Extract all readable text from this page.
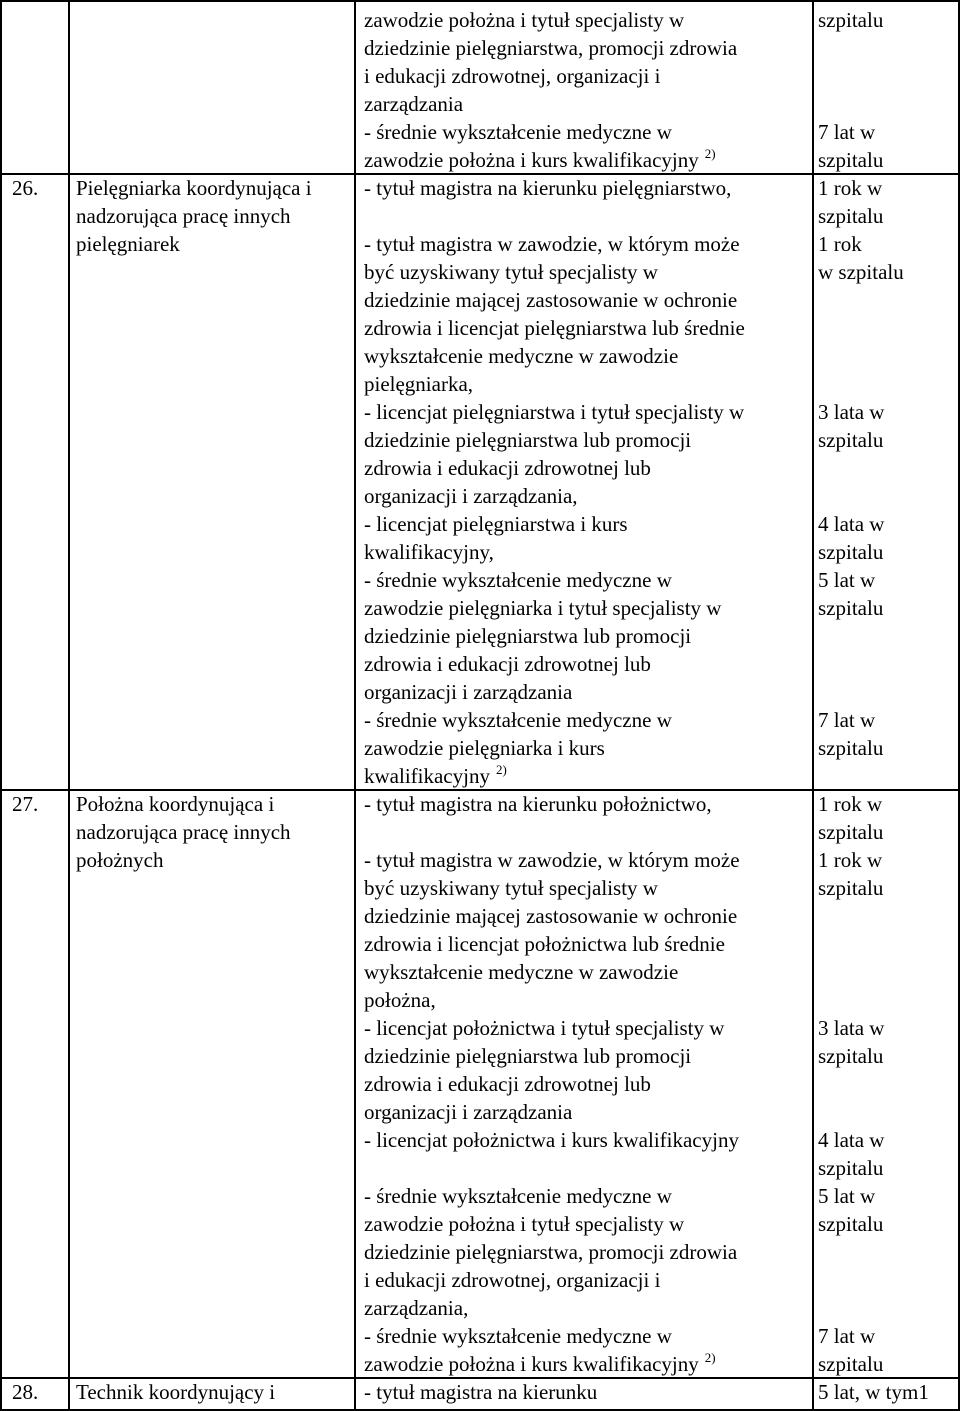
zawodzie położna i tytuł specjalisty w
dziedzinie pielęgniarstwa, promocji zdrowia
i edukacji zdrowotnej, organizacji i
zarządzania
- średnie wykształcenie medyczne w
zawodzie położna i kurs kwalifikacyjny $^{2)}$
szpitalu
7 lat w
szpitalu
26. Pielęgniarka koordynująca i
nadzorująca pracę innych
pielęgniarek
- tytuł magistra na kierunku pielęgniarstwo,
- tytuł magistra w zawodzie, w którym może
być uzyskiwany tytuł specjalisty w
dziedzinie mającej zastosowanie w ochronie
zdrowia i licencjat pielęgniarstwa lub średnie
wykształcenie medyczne w zawodzie
pielęgniarka,
- licencjat pielęgniarstwa i tytuł specjalisty w
dziedzinie pielęgniarstwa lub promocji
zdrowia i edukacji zdrowotnej lub
organizacji i zarządzania,
- licencjat pielęgniarstwa i kurs
kwalifikacyjny,
- średnie wykształcenie medyczne w
zawodzie pielęgniarka i tytuł specjalisty w
dziedzinie pielęgniarstwa lub promocji
zdrowia i edukacji zdrowotnej lub
organizacji i zarządzania
- średnie wykształcenie medyczne w
zawodzie pielęgniarka i kurs
kwalifikacyjny $^{2)}$
1 rok w
szpitalu
1 rok
w szpitalu
3 lata w
szpitalu
4 lata w
szpitalu
5 lat w
szpitalu
7 lat w
szpitalu
27. Położna koordynująca i
nadzorująca pracę innych
położnych
- tytuł magistra na kierunku położnictwo,
- tytuł magistra w zawodzie, w którym może
być uzyskiwany tytuł specjalisty w
dziedzinie mającej zastosowanie w ochronie
zdrowia i licencjat położnictwa lub średnie
wykształcenie medyczne w zawodzie
położna,
- licencjat położnictwa i tytuł specjalisty w
dziedzinie pielęgniarstwa lub promocji
zdrowia i edukacji zdrowotnej lub
organizacji i zarządzania
- licencjat położnictwa i kurs kwalifikacyjny
- średnie wykształcenie medyczne w
zawodzie położna i tytuł specjalisty w
dziedzinie pielęgniarstwa, promocji zdrowia
i edukacji zdrowotnej, organizacji i
zarządzania,
- średnie wykształcenie medyczne w
zawodzie położna i kurs kwalifikacyjny $^{2)}$
1 rok w
szpitalu
1 rok w
szpitalu
3 lata w
szpitalu
4 lata w
szpitalu
5 lat w
szpitalu
7 lat w
szpitalu
28. Technik koordynujący i	- tytuł magistra na kierunku	5 lat, w tym1
